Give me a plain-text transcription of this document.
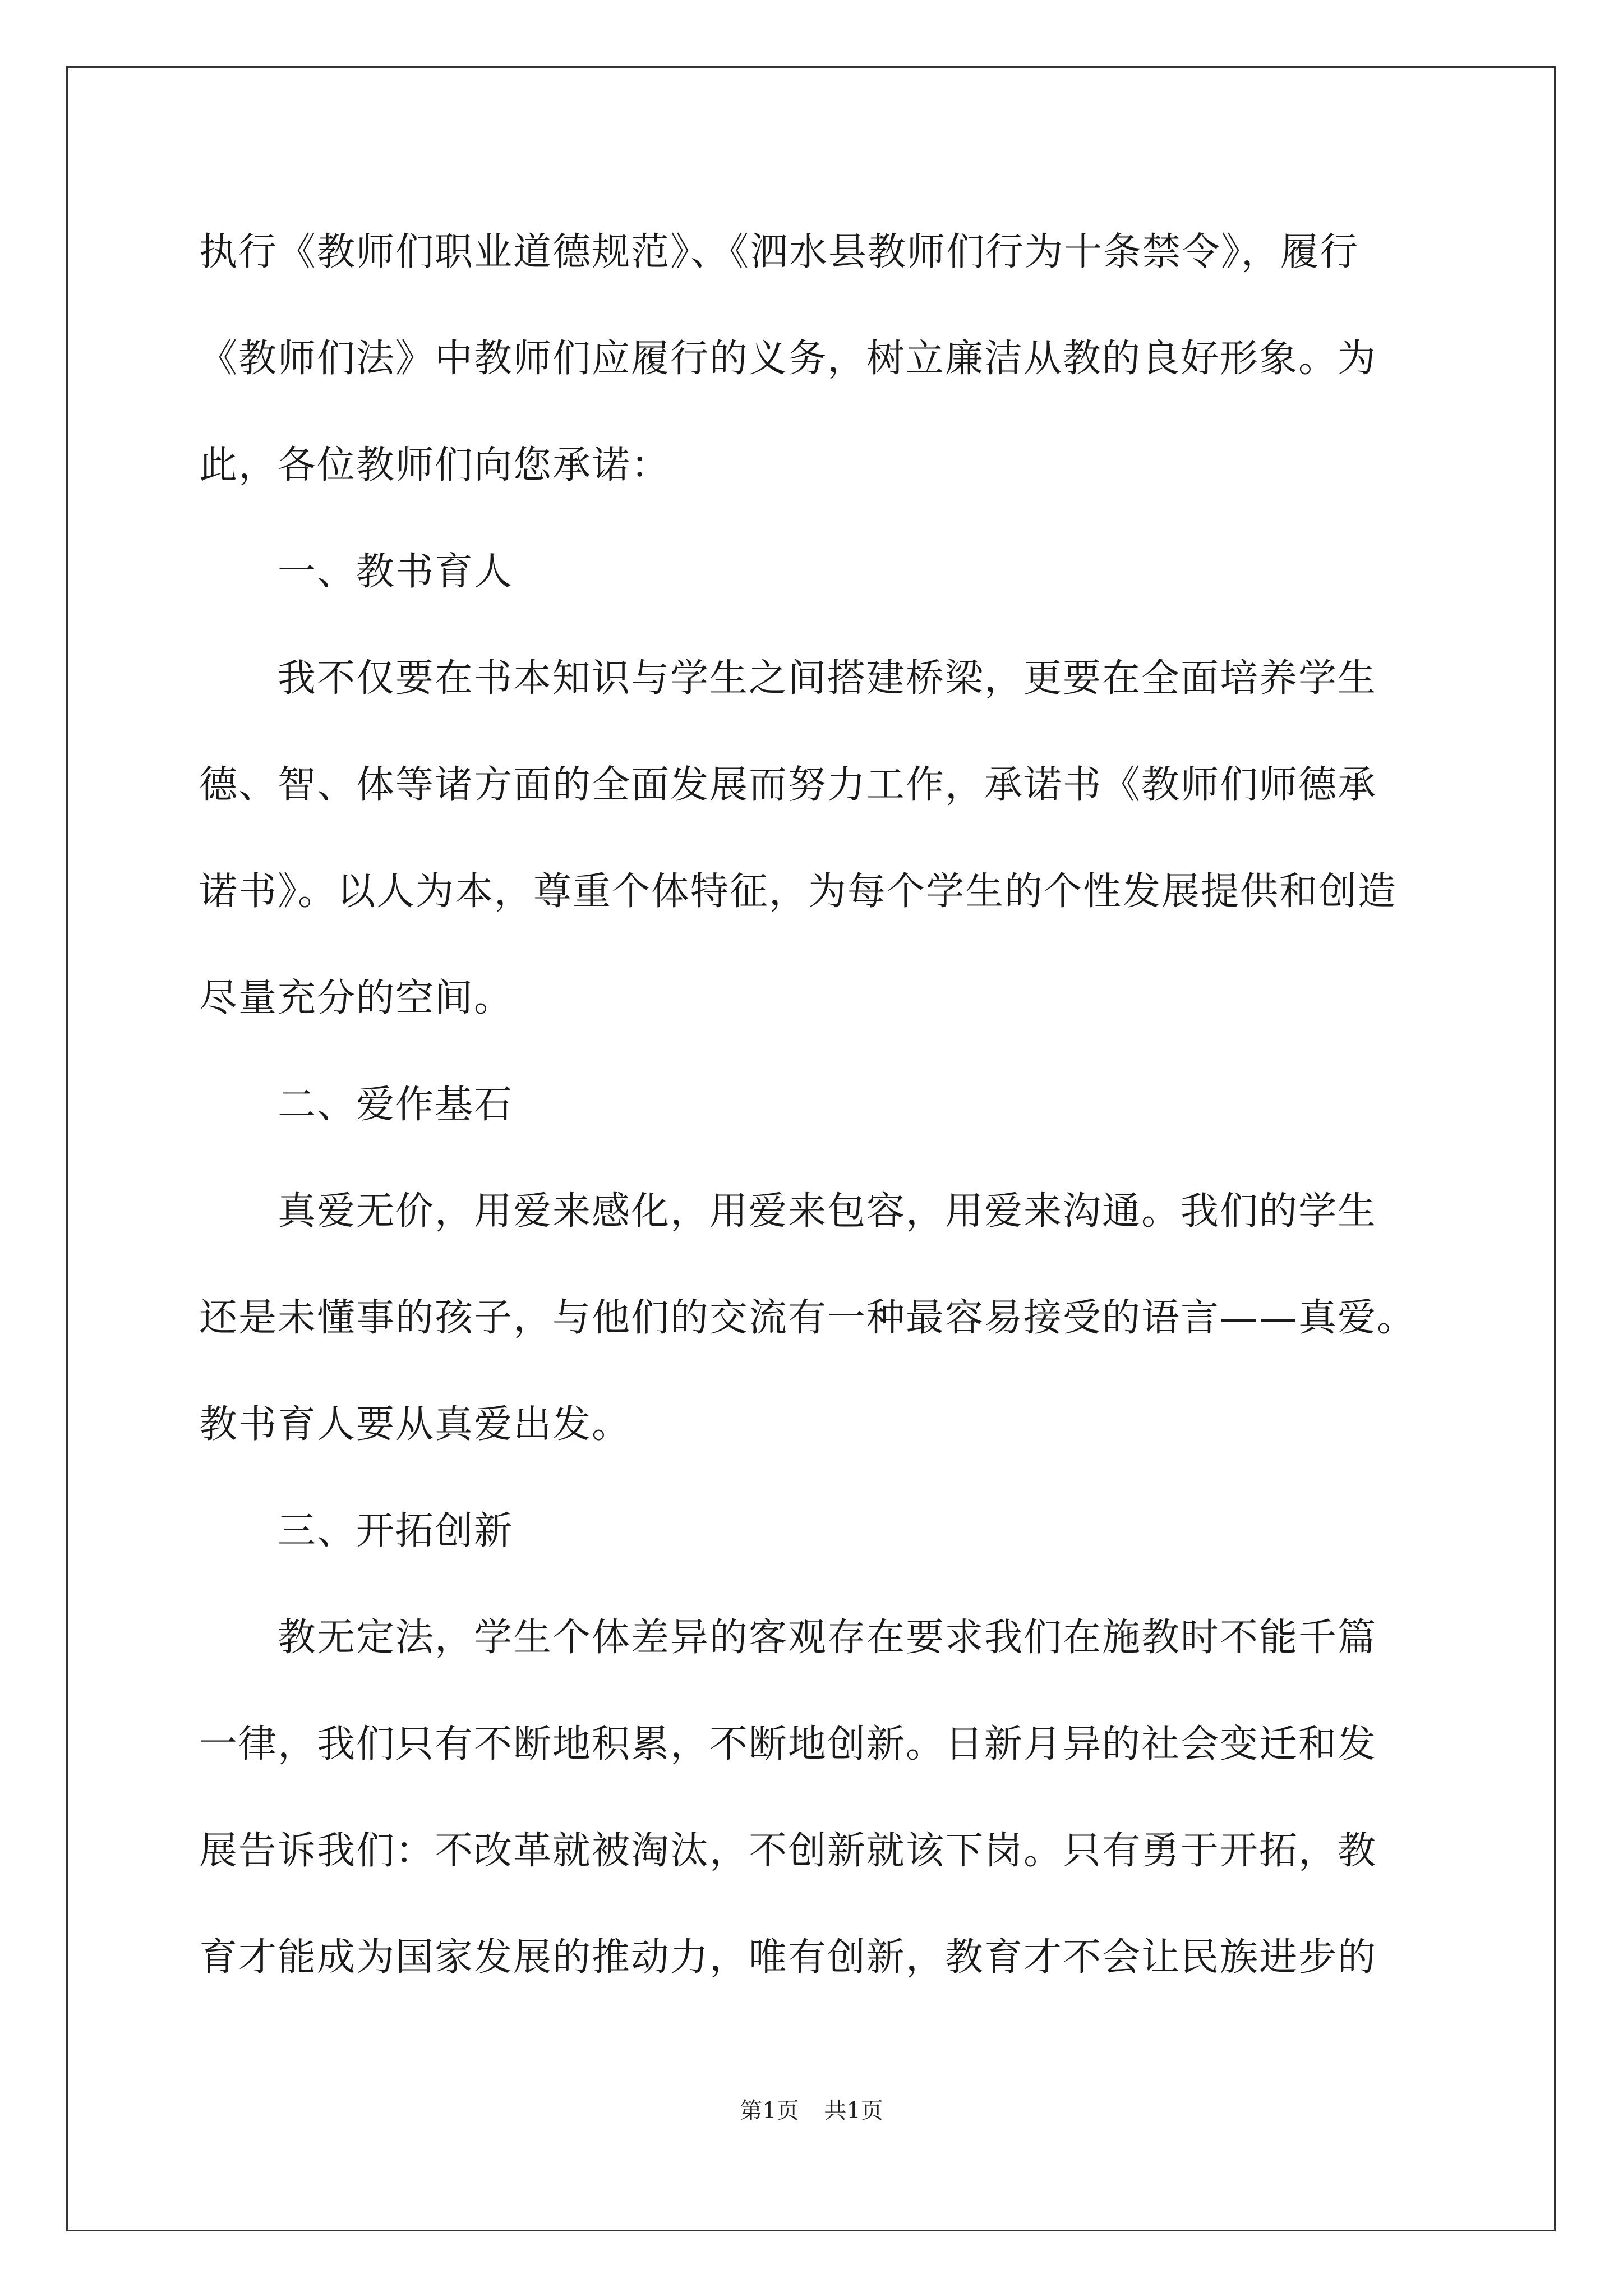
执行《教师们职业道德规范》、《泗水县教师们行为十条禁令》，履行
《教师们法》中教师们应履行的义务，树立廉洁从教的良好形象。为
此，各位教师们向您承诺：
　　一、教书育人
　　我不仅要在书本知识与学生之间搭建桥梁，更要在全面培养学生
德、智、体等诸方面的全面发展而努力工作，承诺书《教师们师德承
诺书》。以人为本，尊重个体特征，为每个学生的个性发展提供和创造
尽量充分的空间。
　　二、爱作基石
　　真爱无价，用爱来感化，用爱来包容，用爱来沟通。我们的学生
还是未懂事的孩子，与他们的交流有一种最容易接受的语言——真爱。
教书育人要从真爱出发。
　　三、开拓创新
　　教无定法，学生个体差异的客观存在要求我们在施教时不能千篇
一律，我们只有不断地积累，不断地创新。日新月异的社会变迁和发
展告诉我们：不改革就被淘汰，不创新就该下岗。只有勇于开拓，教
育才能成为国家发展的推动力，唯有创新，教育才不会让民族进步的
第1页 共1页
